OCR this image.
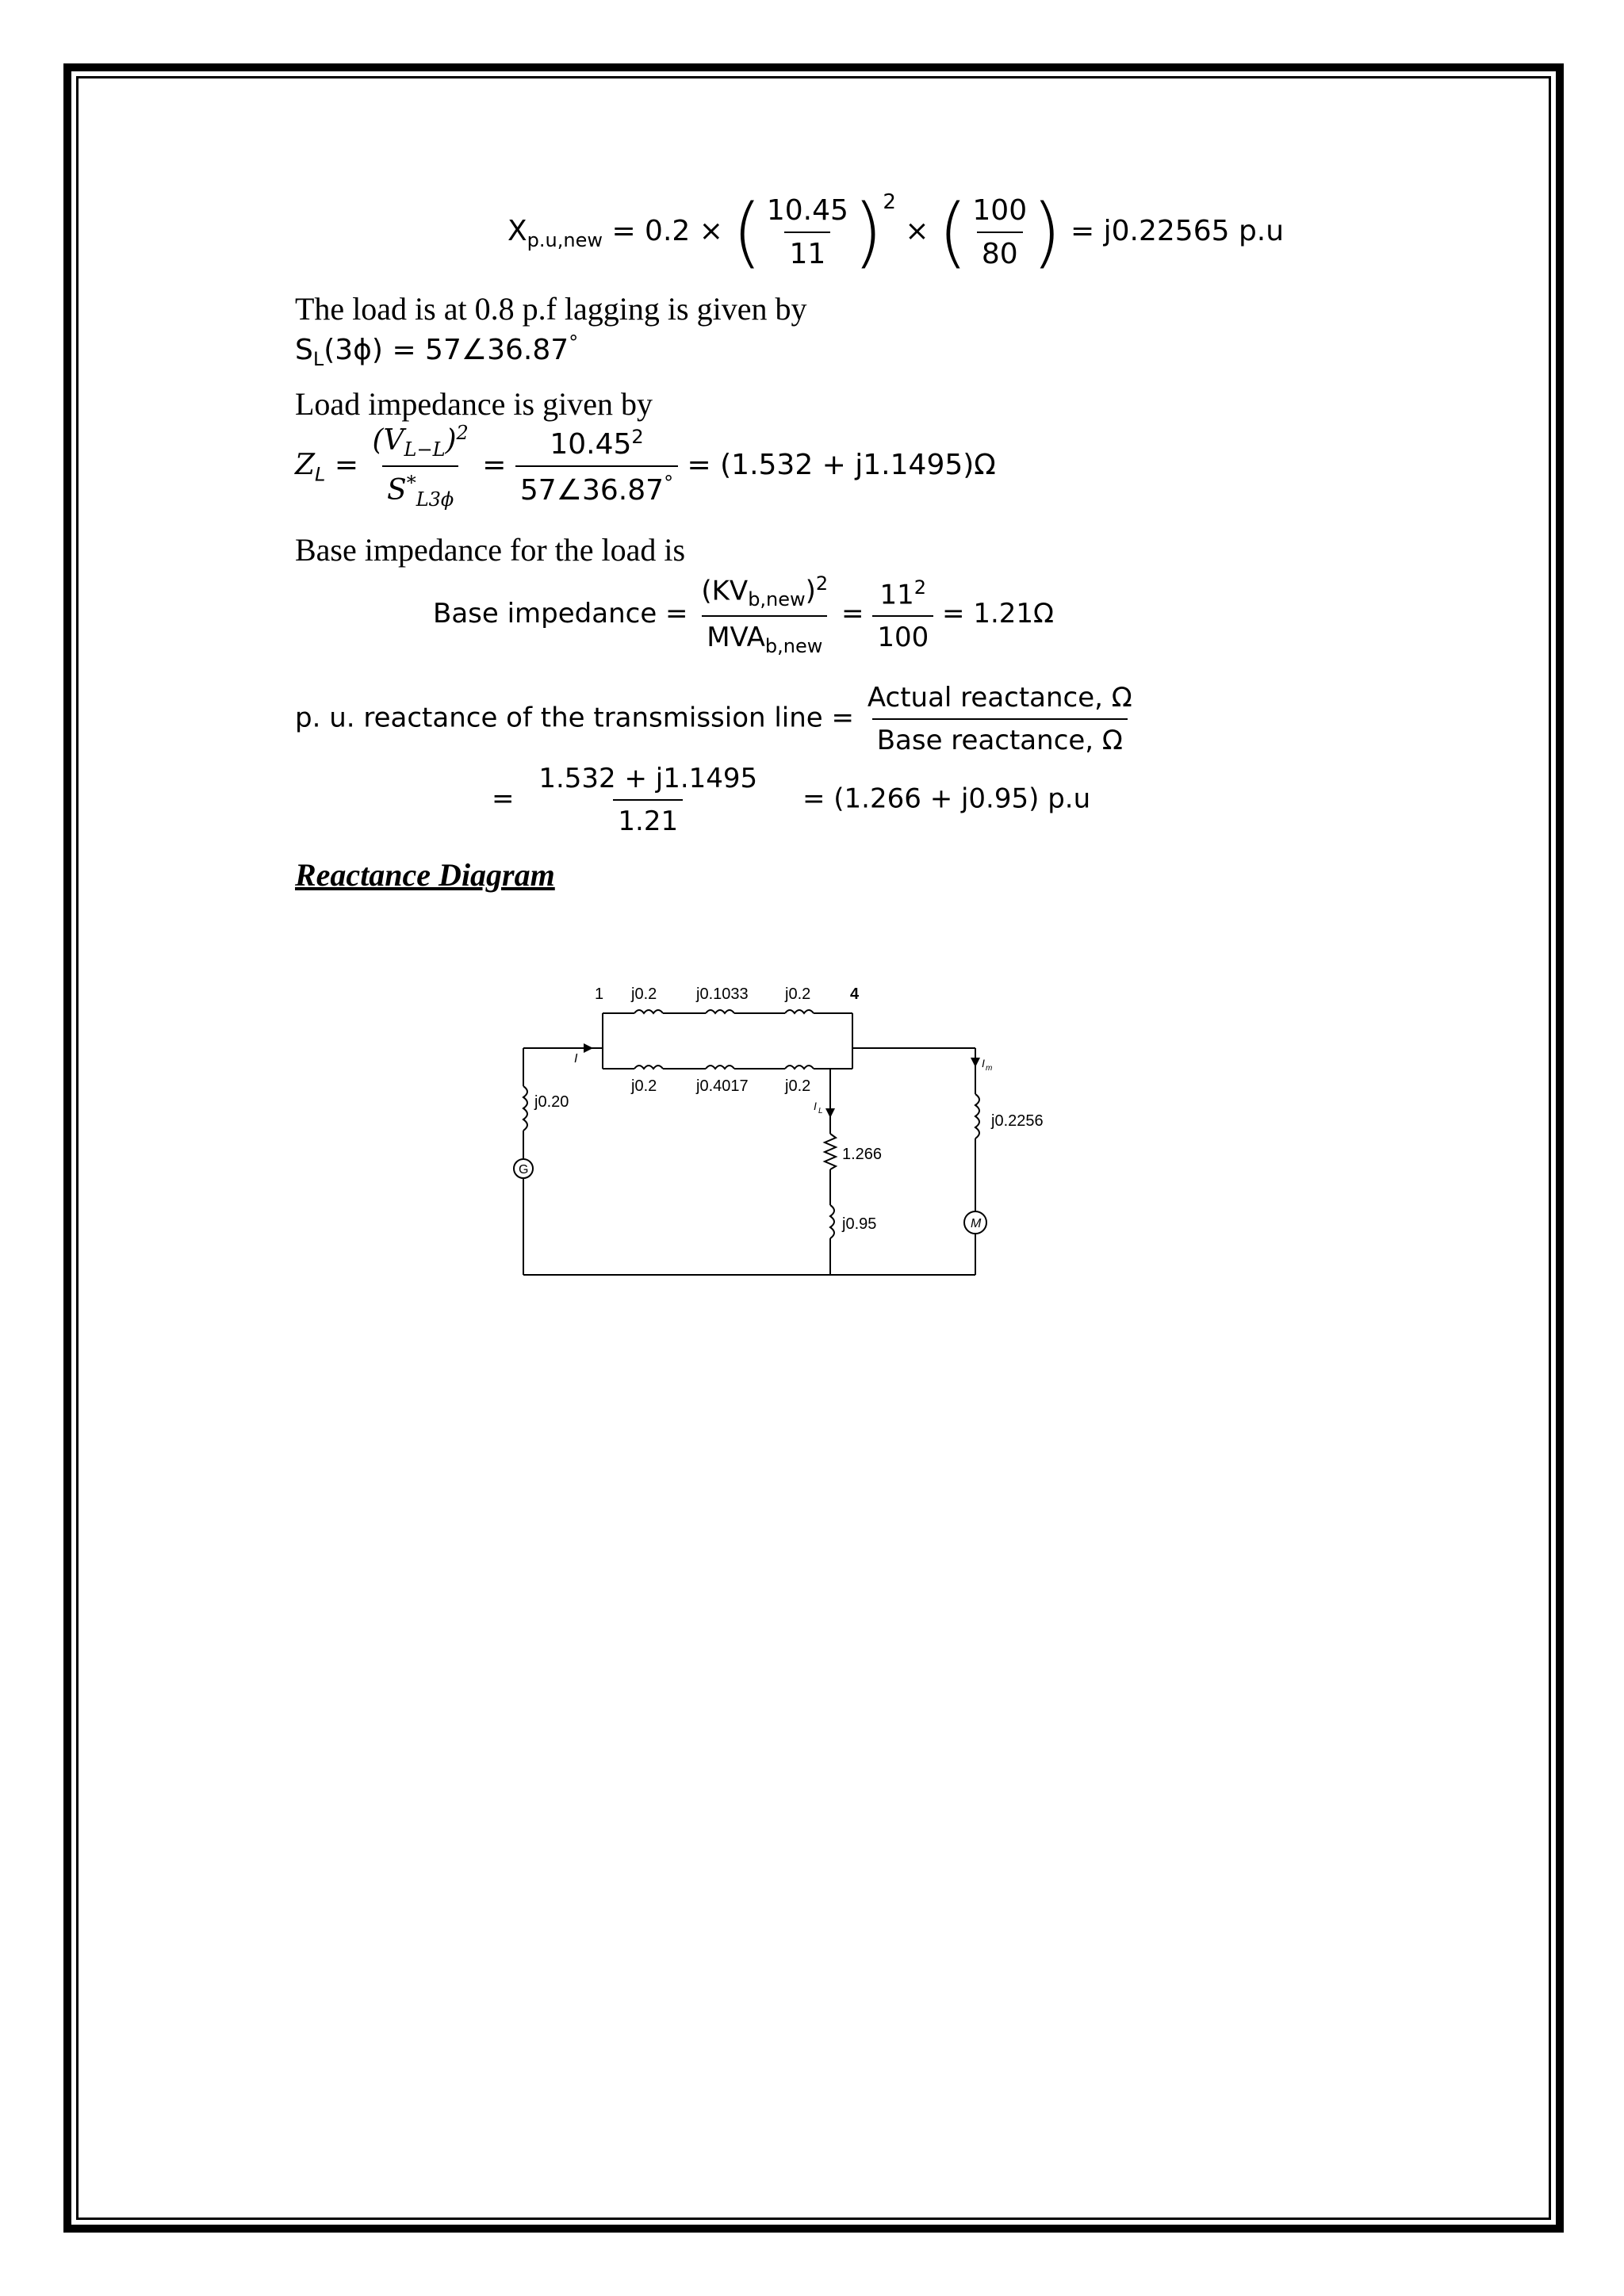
$X_{p.u,new} = 0.2$ × ( $\frac{10.45}{11} )^2$ × ( $\frac{100}{80}$ ) = j0.22565 p.u
The load is at 0.8 p.f lagging is given by
$S_L(3\phi)$ = 57∠36.87°
Load impedance is given by
$Z_L = \frac{(V_{L-L})^2}{S^*_{L3\phi}} = \frac{10.45^2}{57\angle 36.87^\circ} = (1.532 + j1.1495)\Omega$
Base impedance for the load is
Base impedance = $\frac{(KV_{b,new})^2}{MVA_{b,new}} = \frac{11^2}{100} = 1.21\Omega$
p. u. reactance of the transmission line = $\frac{\text{Actual reactance, Ω}}{\text{Base reactance, Ω}}$
= $\frac{1.532 + j1.1495}{1.21} = (1.266 + j0.95)$ p.u
Reactance Diagram
1	4
j0.2 j0.1033 j0.2
j0.2 j0.4017 j0.2
j0.20
G
I
I L
I m
1.266
j0.95
j0.2256
M
